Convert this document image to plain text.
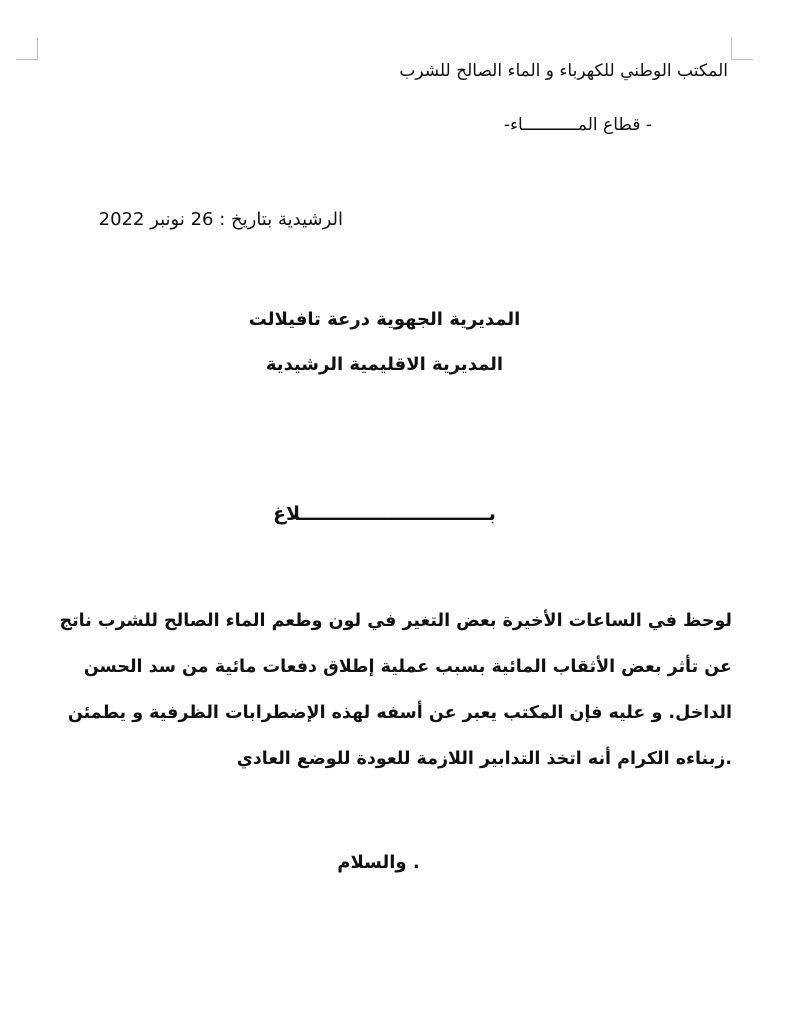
المكتب الوطني للكهرباء و الماء الصالح للشرب
- قطاع المـــــــــــاء-
الرشيدية بتاريخ : 26 نونبر 2022
المديرية الجهوية درعة تافيلالت
المديرية الاقليمية الرشيدية
بـــــــــــــــــــــــــــــلاغ
لوحظ في الساعات الأخيرة بعض التغير في لون وطعم الماء الصالح للشرب ناتج
عن تأثر بعض الأثقاب المائية بسبب عملية إطلاق دفعات مائية من سد الحسن
الداخل. و عليه فإن المكتب يعبر عن أسفه لهذه الإضطرابات الظرفية و يطمئن
.زبناءه الكرام أنه اتخذ التدابير اللازمة للعودة للوضع العادي
. والسلام
